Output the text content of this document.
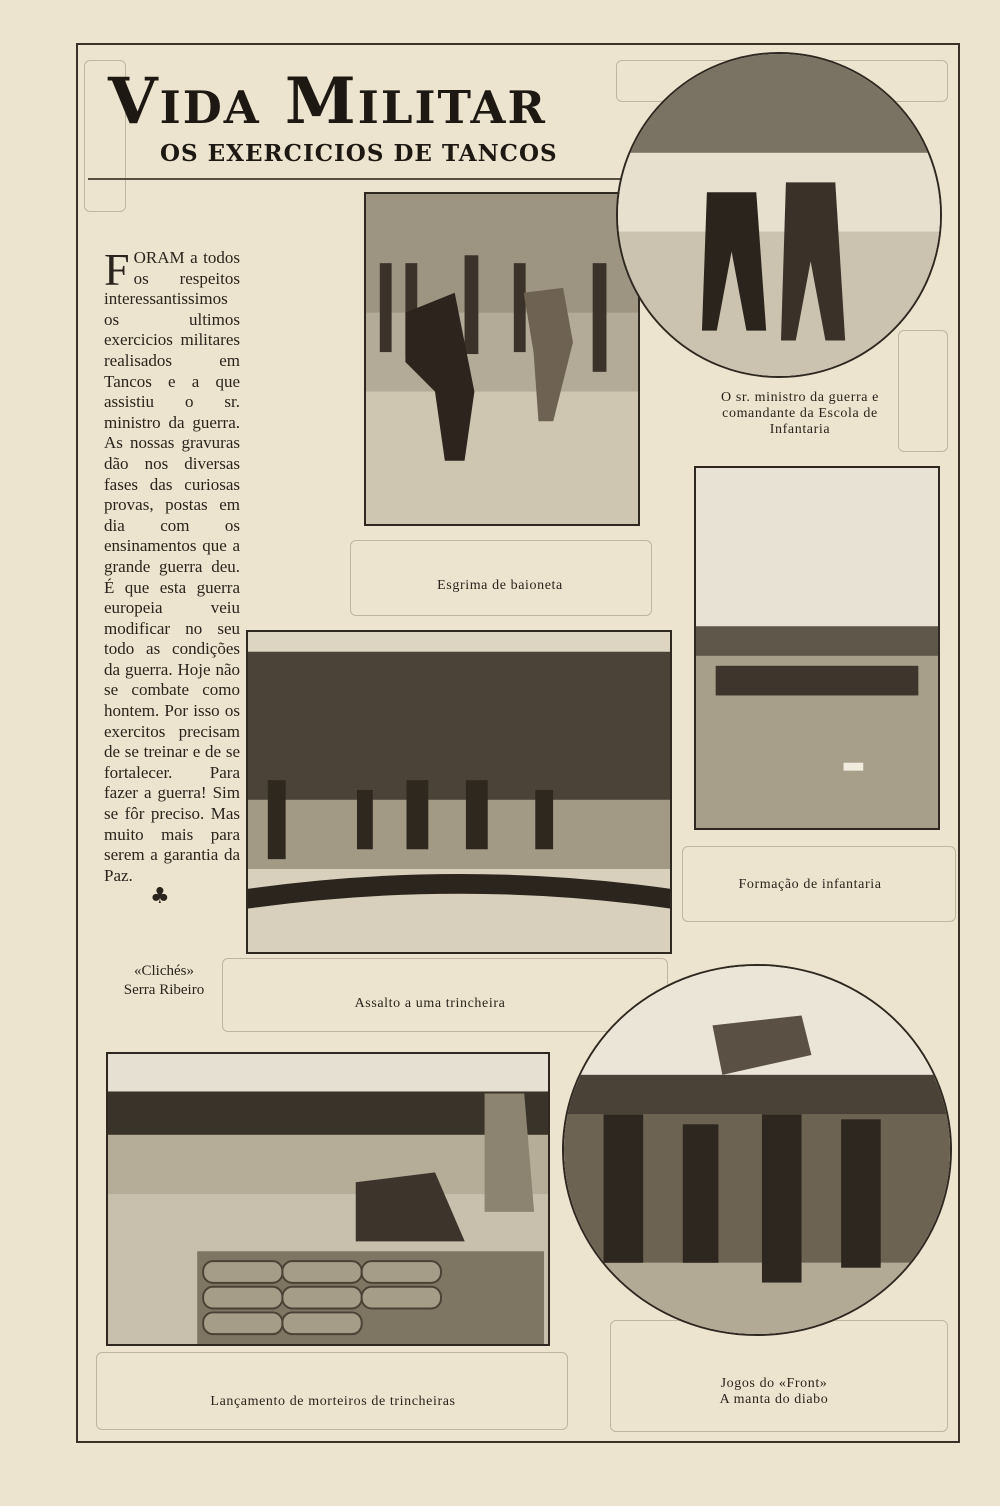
Vida Militar
OS EXERCICIOS DE TANCOS
FORAM a todos os respeitos interessantissimos os ultimos exercicios militares realisados em Tancos e a que assistiu o sr. ministro da guerra. As nossas gravuras dão nos diversas fases das curiosas provas, postas em dia com os ensinamentos que a grande guerra deu. É que esta guerra europeia veiu modificar no seu todo as condições da guerra. Hoje não se combate como hontem. Por isso os exercitos precisam de se treinar e de se fortalecer. Para fazer a guerra! Sim se fôr preciso. Mas muito mais para serem a garantia da Paz.
♣
«Clichés»
Serra Ribeiro

Esgrima de baioneta

O sr. ministro da guerra e comandante da Escola de Infantaria

Formação de infantaria

Assalto a uma trincheira

Lançamento de morteiros de trincheiras

Jogos do «Front»
A manta do diabo
